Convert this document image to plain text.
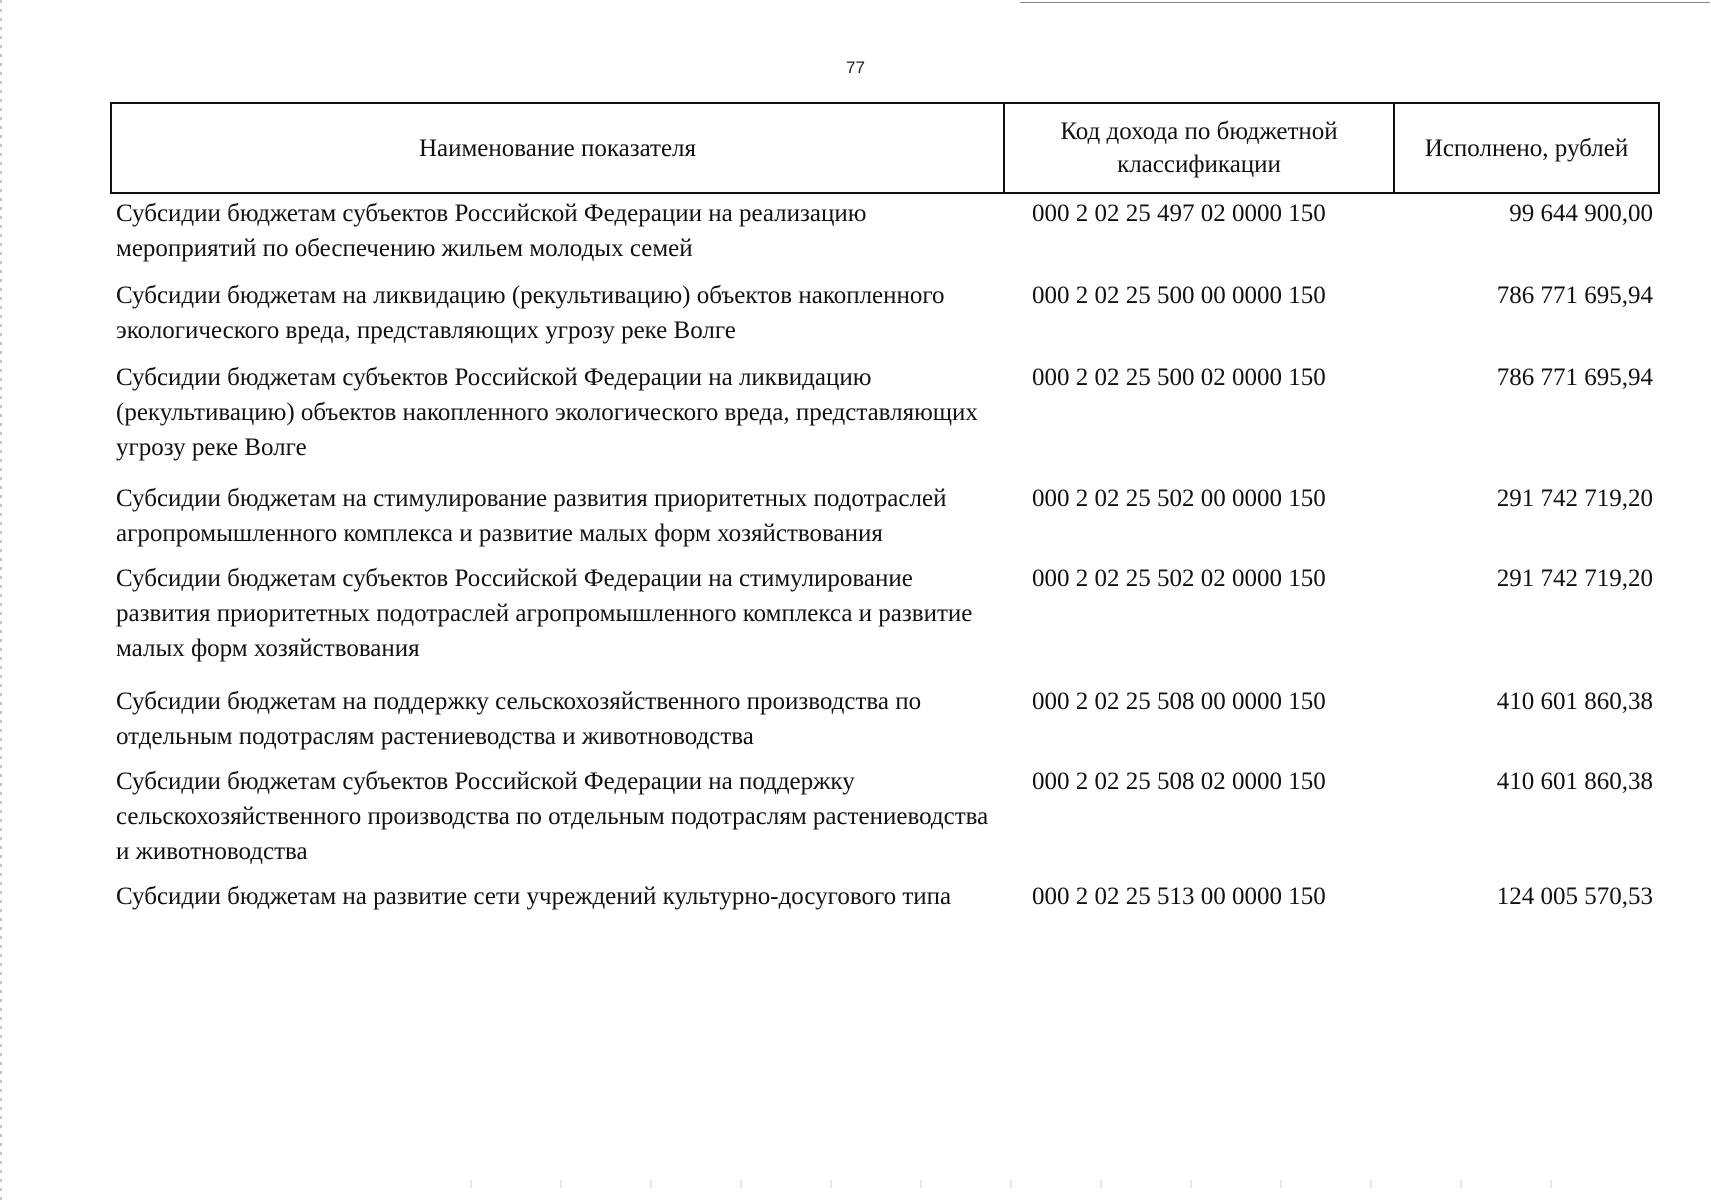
77
Наименование показателя	Код дохода по бюджетной классификации	Исполнено, рублей
Субсидии бюджетам субъектов Российской Федерации на реализацию мероприятий по обеспечению жильем молодых семей	000 2 02 25 497 02 0000 150	99 644 900,00
Субсидии бюджетам на ликвидацию (рекультивацию) объектов накопленного экологического вреда, представляющих угрозу реке Волге	000 2 02 25 500 00 0000 150	786 771 695,94
Субсидии бюджетам субъектов Российской Федерации на ликвидацию (рекультивацию) объектов накопленного экологического вреда, представляющих угрозу реке Волге	000 2 02 25 500 02 0000 150	786 771 695,94
Субсидии бюджетам на стимулирование развития приоритетных подотраслей агропромышленного комплекса и развитие малых форм хозяйствования	000 2 02 25 502 00 0000 150	291 742 719,20
Субсидии бюджетам субъектов Российской Федерации на стимулирование развития приоритетных подотраслей агропромышленного комплекса и развитие малых форм хозяйствования	000 2 02 25 502 02 0000 150	291 742 719,20
Субсидии бюджетам на поддержку сельскохозяйственного производства по отдельным подотраслям растениеводства и животноводства	000 2 02 25 508 00 0000 150	410 601 860,38
Субсидии бюджетам субъектов Российской Федерации на поддержку сельскохозяйственного производства по отдельным подотраслям растениеводства и животноводства	000 2 02 25 508 02 0000 150	410 601 860,38
Субсидии бюджетам на развитие сети учреждений культурно-досугового типа	000 2 02 25 513 00 0000 150	124 005 570,53
